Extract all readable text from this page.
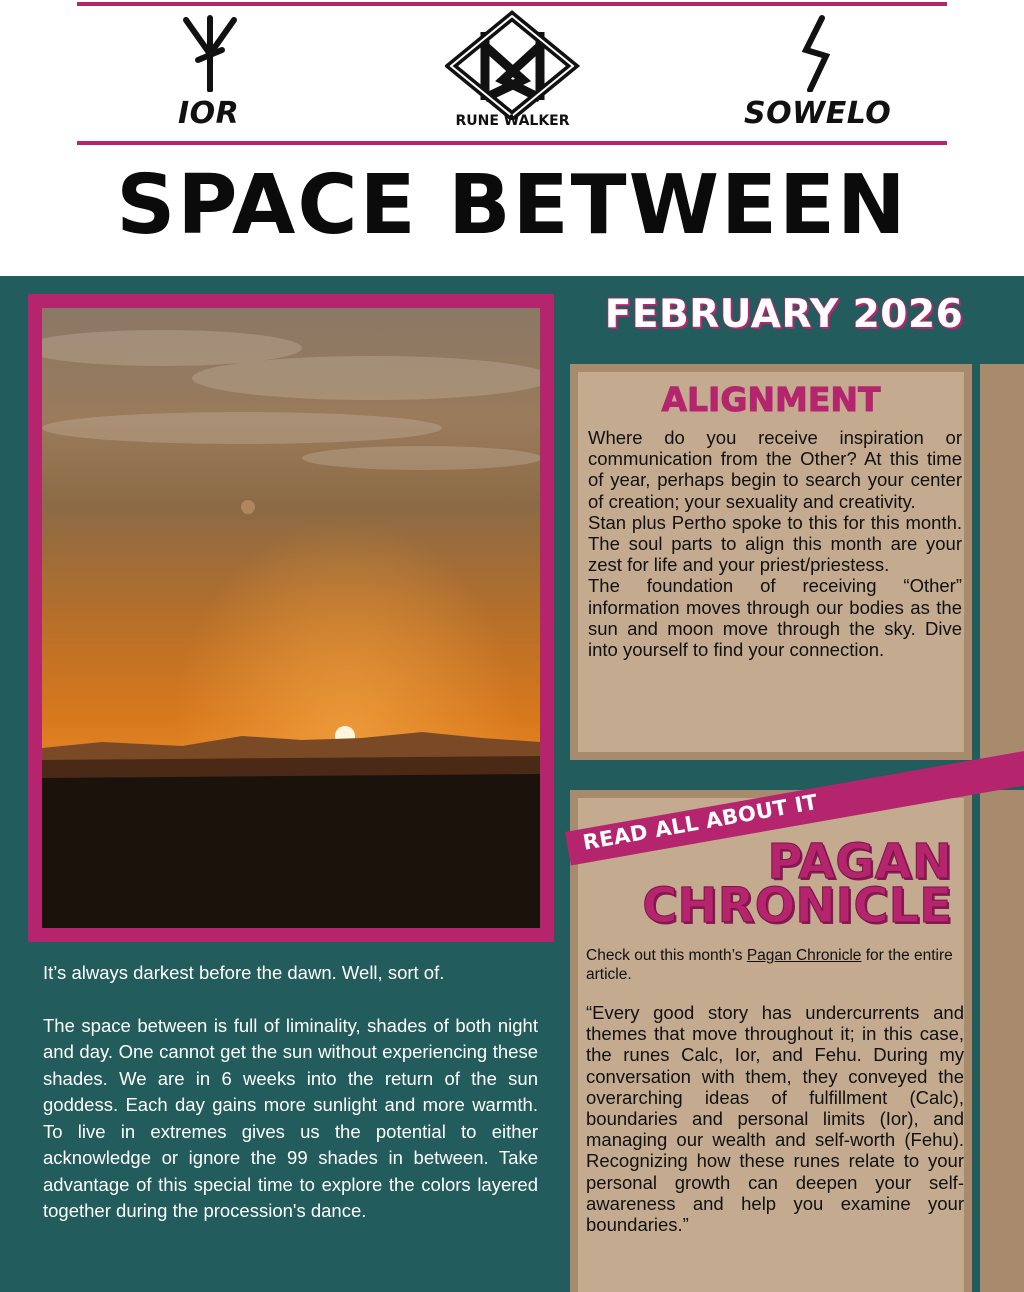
IOR	RUNE WALKER	SOWELO
SPACE BETWEEN

It’s always darkest before the dawn. Well, sort of.

The space between is full of liminality, shades of both night and day. One cannot get the sun without experiencing these shades. We are in 6 weeks into the return of the sun goddess. Each day gains more sunlight and more warmth. To live in extremes gives us the potential to either acknowledge or ignore the 99 shades in between. Take advantage of this special time to explore the colors layered together during the procession's dance.

FEBRUARY 2026
ALIGNMENT

Where do you receive inspiration or communication from the Other? At this time of year, perhaps begin to search your center of creation; your sexuality and creativity.

Stan plus Pertho spoke to this for this month. The soul parts to align this month are your zest for life and your priest/priestess.

The foundation of receiving “Other” information moves through our bodies as the sun and moon move through the sky. Dive into yourself to find your connection.

PAGAN
CHRONICLE
Check out this month’s Pagan Chronicle for the entire article.
“Every good story has undercurrents and themes that move throughout it; in this case, the runes Calc, Ior, and Fehu. During my conversation with them, they conveyed the overarching ideas of fulfillment (Calc), boundaries and personal limits (Ior), and managing our wealth and self-worth (Fehu). Recognizing how these runes relate to your personal growth can deepen your self-awareness and help you examine your boundaries.”
READ ALL ABOUT IT
